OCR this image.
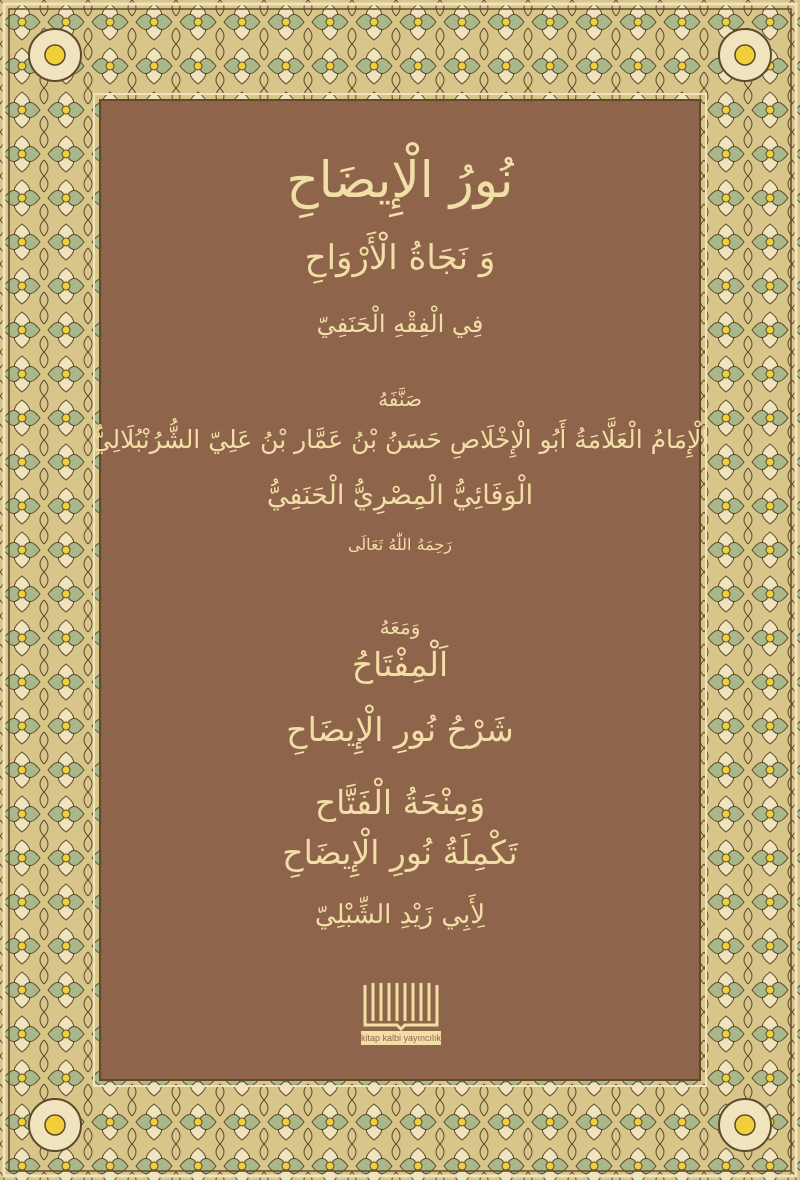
نُورُ الْإِيضَاحِ
وَ نَجَاةُ الْأَرْوَاحِ
فِي الْفِقْهِ الْحَنَفِيّ
صَنَّفَهُ
الْإِمَامُ الْعَلَّامَةُ أَبُو الْإِخْلَاصِ حَسَنُ بْنُ عَمَّار بْنُ عَلِيّ الشُّرُنْبُلَالِيُّ
الْوَفَائِيُّ الْمِصْرِيُّ الْحَنَفِيُّ
رَحِمَهُ اللّٰهُ تَعَالَى
وَمَعَهُ
اَلْمِفْتَاحُ
شَرْحُ نُورِ الْإِيضَاحِ
وَمِنْحَةُ الْفَتَّاح
تَكْمِلَةُ نُورِ الْإِيضَاحِ
لِأَبِي زَيْدِ الشِّبْلِيّ
kitap kalbi yayıncılık
